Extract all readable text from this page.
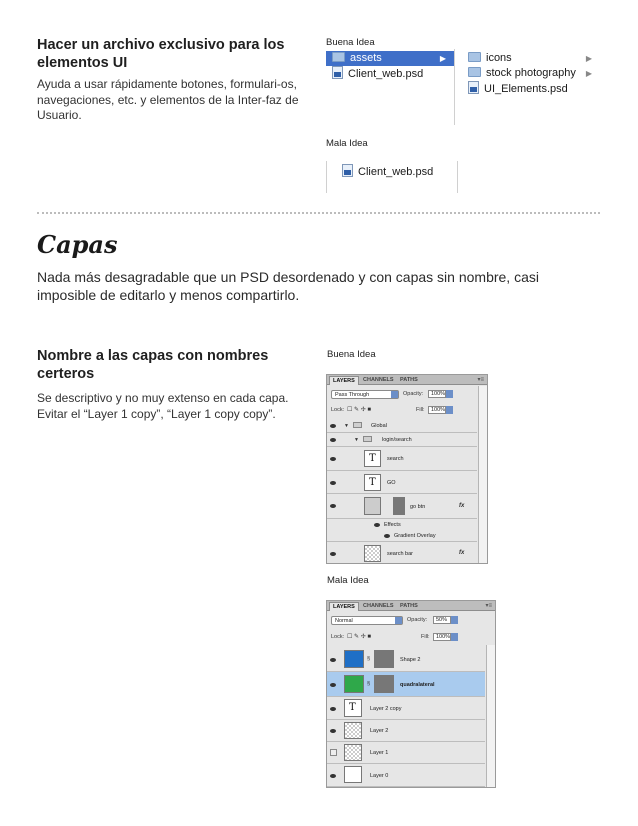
Hacer un archivo exclusivo para los elementos UI
Ayuda a usar rápidamente botones, formulari-os, navegaciones, etc. y elementos de la Inter-faz de Usuario.
Buena Idea
assets	▶
Client_web.psd
icons	▶
stock photography ▶
UI_Elements.psd
Mala Idea
Client_web.psd
Capas
Nada más desagradable que un PSD desordenado y con capas sin nombre, casi imposible de editarlo y menos compartirlo.
Nombre a las capas con nombres certeros
Se descriptivo y no muy extenso en cada capa. Evitar el “Layer 1 copy”, “Layer 1 copy copy”.
Buena Idea
LAYERS	CHANNELS	PATHS	▾≡
Pass Through	Opacity:	100%
Lock: ☐ ✎ ✢ ■	Fill:	100%
▼	Global
▼	login/search
T search
T GO
go btn	fx
Effects
Gradient Overlay
search bar	fx
Mala Idea
LAYERS	CHANNELS	PATHS	▾≡
Normal	Opacity:	50%
Lock: ☐ ✎ ✢ ■	Fill:	100%
§	Shape 2
§	quadralateral
T	Layer 2 copy
Layer 2
Layer 1
Layer 0
